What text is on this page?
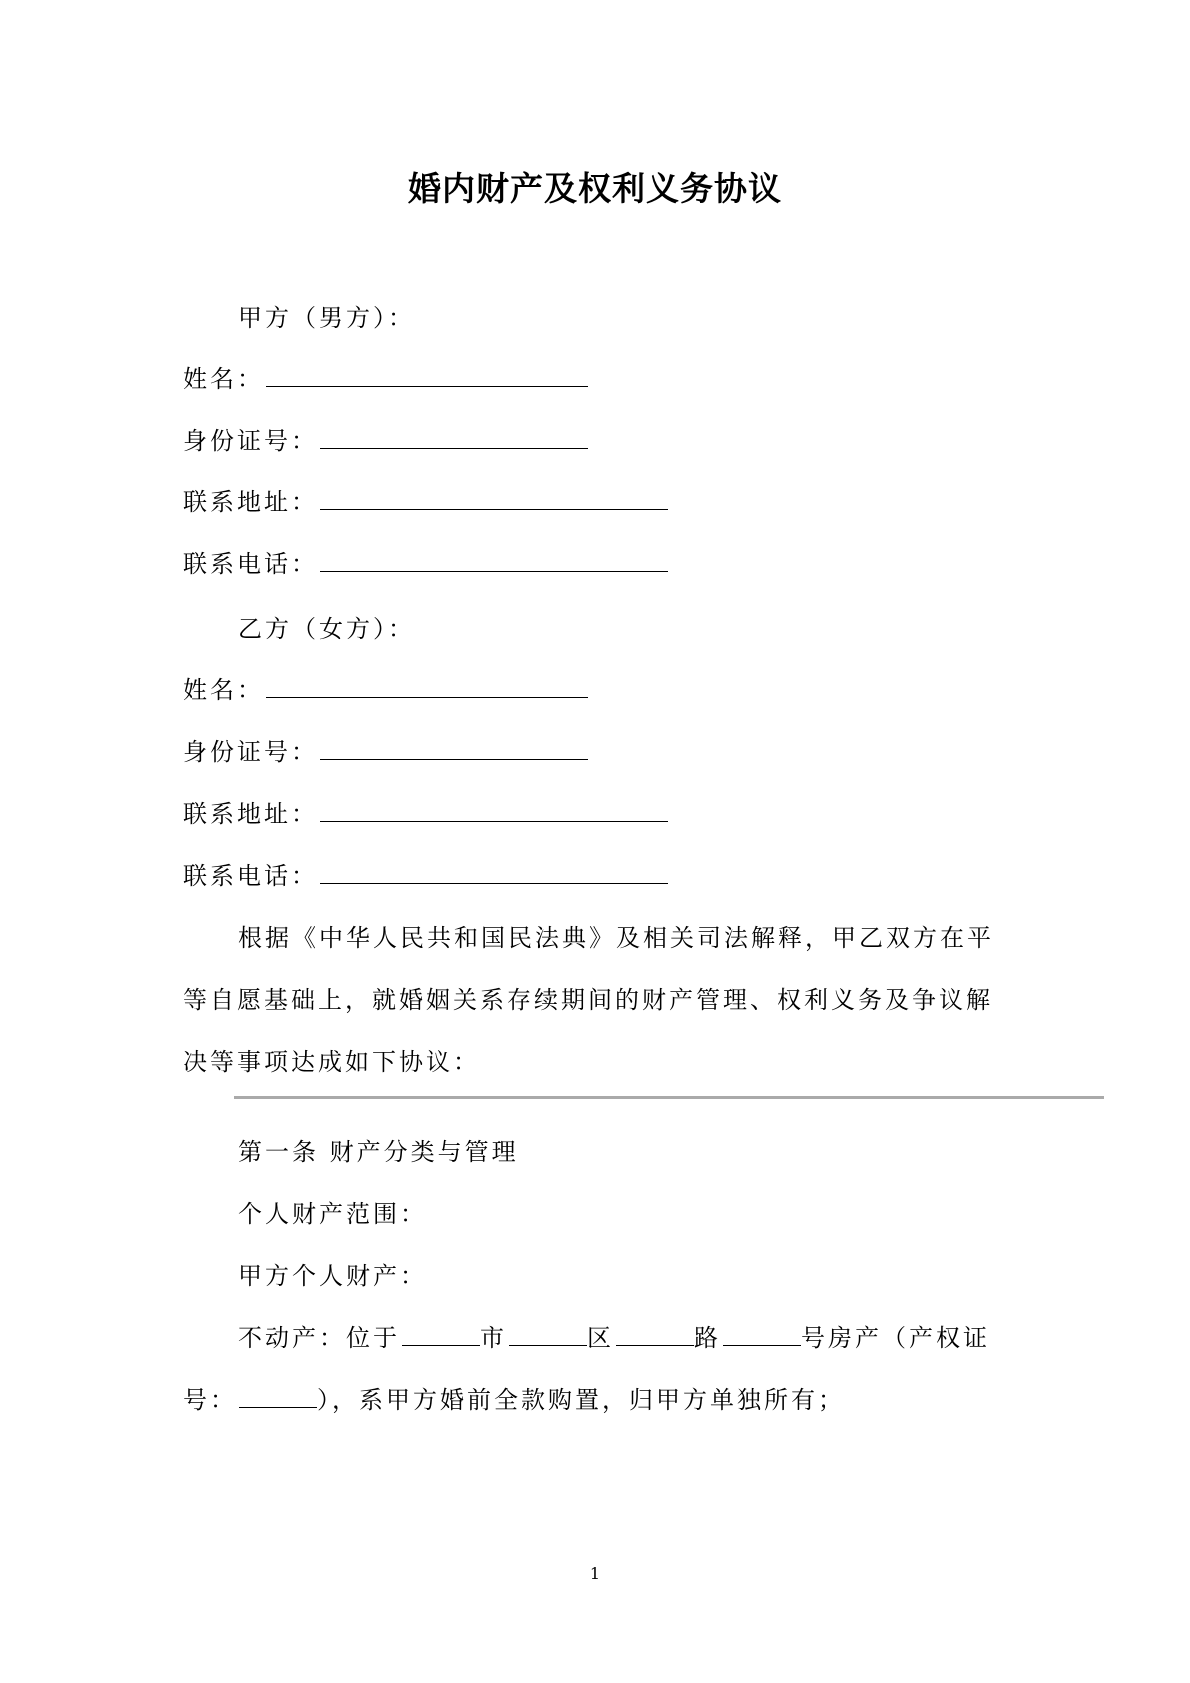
婚内财产及权利义务协议
甲方（男方）：
姓名：
身份证号：
联系地址：
联系电话：
乙方（女方）：
姓名：
身份证号：
联系地址：
联系电话：
根据《中华人民共和国民法典》及相关司法解释，甲乙双方在平
等自愿基础上，就婚姻关系存续期间的财产管理、权利义务及争议解
决等事项达成如下协议：
第一条 财产分类与管理
个人财产范围：
甲方个人财产：
不动产：位于	市	区	路	号房产（产权证
号：	），系甲方婚前全款购置，归甲方单独所有；
1
